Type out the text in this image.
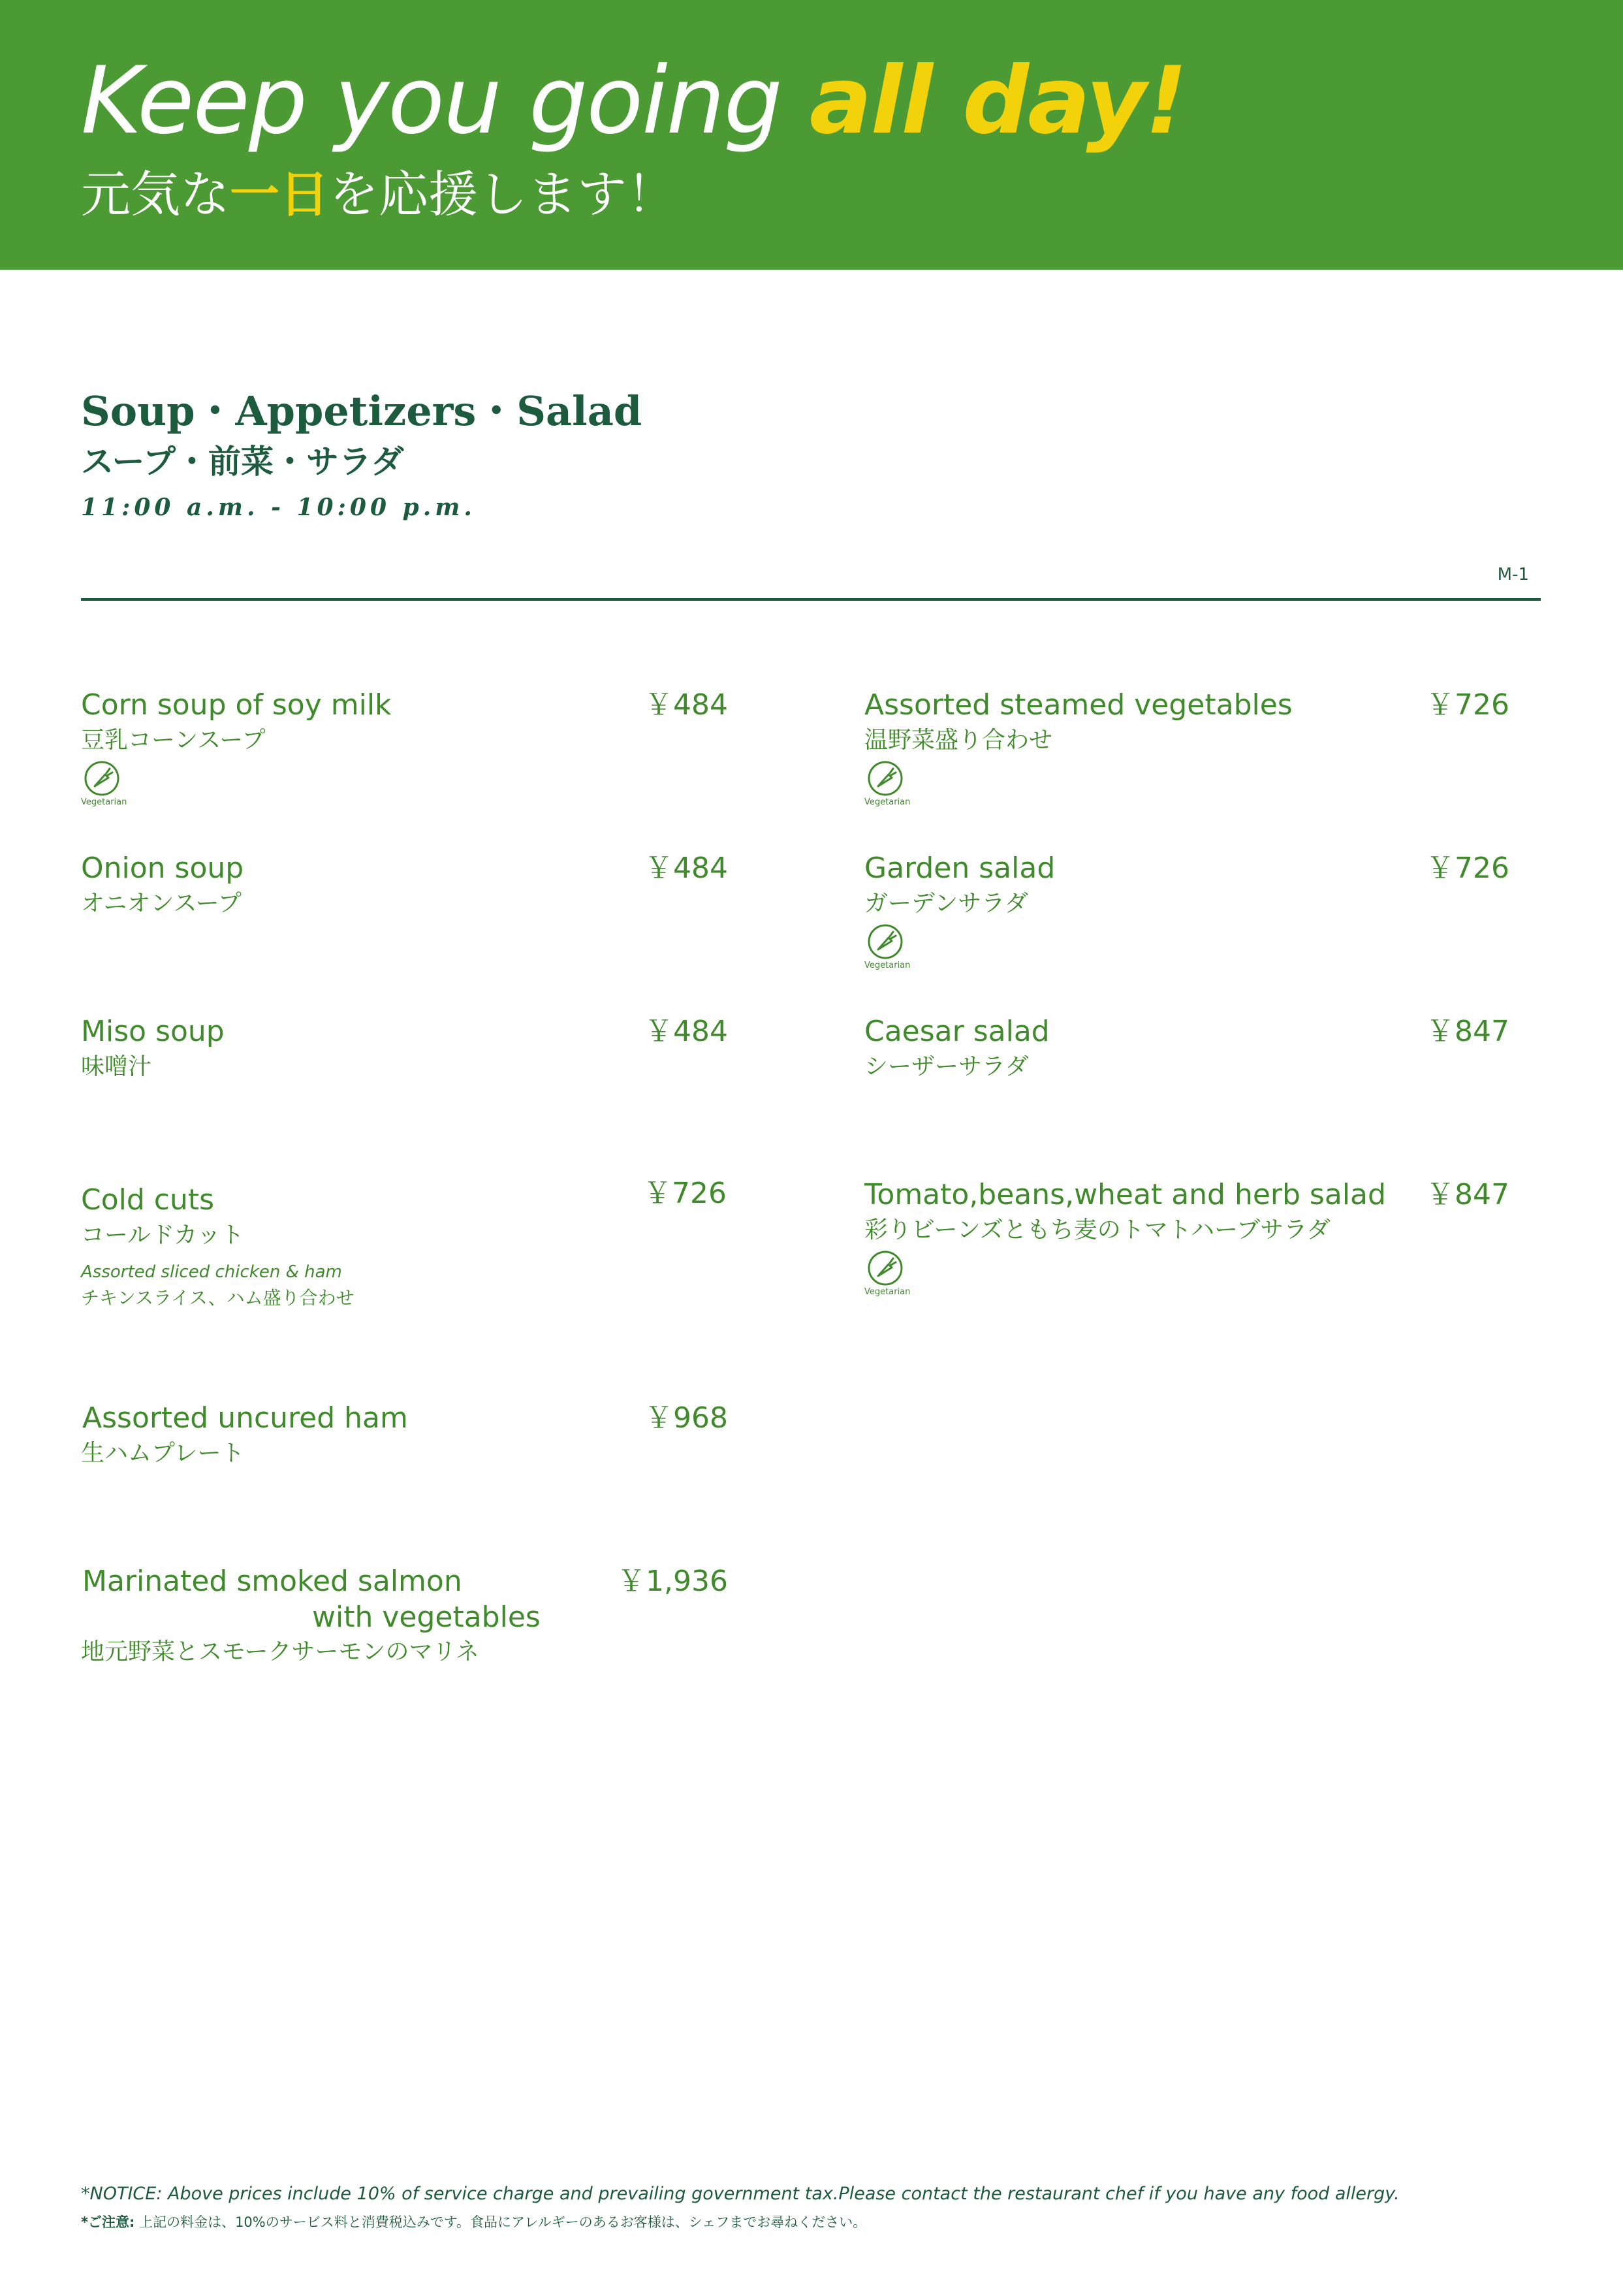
Keep you going all day!
元気な一日を応援します！
Soup・Appetizers・Salad
スープ・前菜・サラダ
11:00 a.m. - 10:00 p.m.
M-1
Corn soup of soy milk
豆乳コーンスープ
Vegetarian
￥484
Onion soup
オニオンスープ
￥484
Miso soup
味噌汁
￥484
Cold cuts
コールドカット
Assorted sliced chicken & ham
チキンスライス、ハム盛り合わせ
￥726
Assorted uncured ham
生ハムプレート
￥968
Marinated smoked salmon
with vegetables
地元野菜とスモークサーモンのマリネ
￥1,936
Assorted steamed vegetables
温野菜盛り合わせ
Vegetarian
￥726
Garden salad
ガーデンサラダ
Vegetarian
￥726
Caesar salad
シーザーサラダ
￥847
Tomato,beans,wheat and herb salad
彩りビーンズともち麦のトマトハーブサラダ
Vegetarian
￥847
*NOTICE: Above prices include 10% of service charge and prevailing government tax.Please contact the restaurant chef if you have any food allergy.
*ご注意: 上記の料金は、10%のサービス料と消費税込みです。食品にアレルギーのあるお客様は、シェフまでお尋ねください。
